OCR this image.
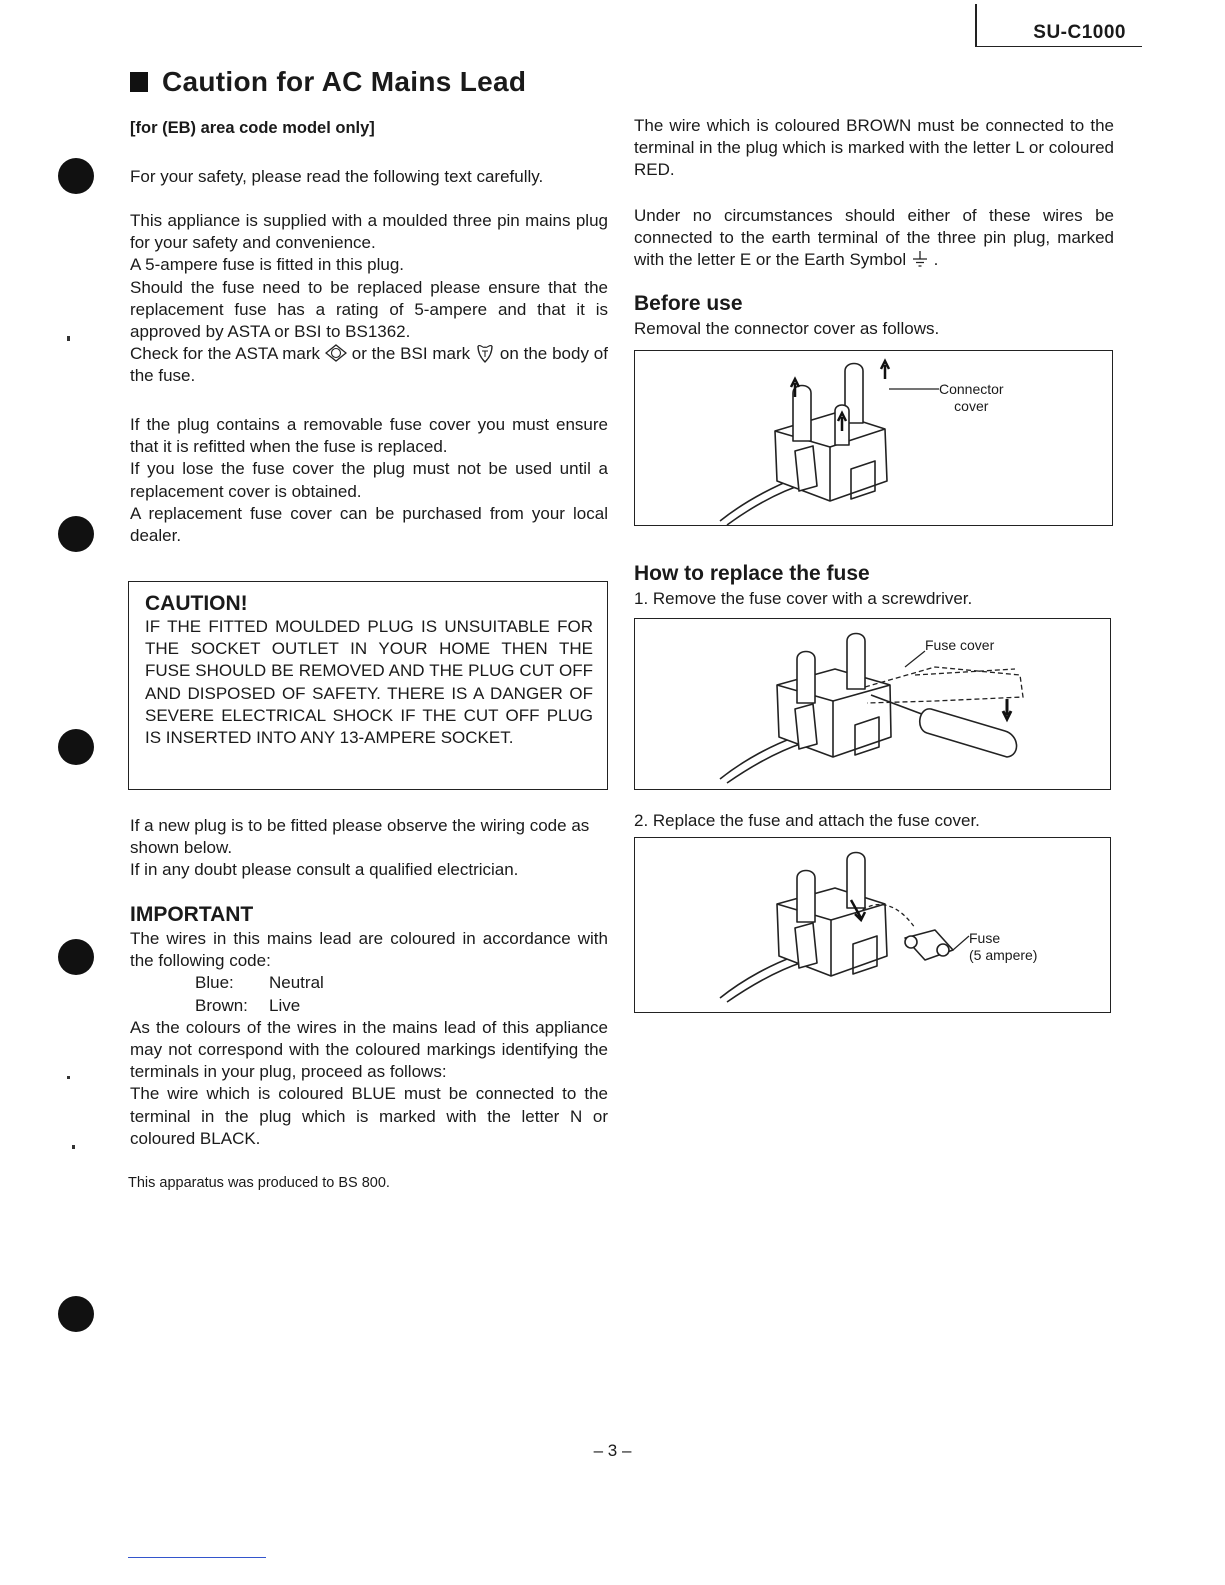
SU-C1000
Caution for AC Mains Lead
[for (EB) area code model only]
For your safety, please read the following text carefully.
This appliance is supplied with a moulded three pin mains plug for your safety and convenience.
A 5-ampere fuse is fitted in this plug.
Should the fuse need to be replaced please ensure that the replacement fuse has a rating of 5-ampere and that it is approved by ASTA or BSI to BS1362.
Check for the ASTA mark or the BSI mark on the body of the fuse.
If the plug contains a removable fuse cover you must ensure that it is refitted when the fuse is replaced.
If you lose the fuse cover the plug must not be used until a replacement cover is obtained.
A replacement fuse cover can be purchased from your local dealer.
CAUTION!
IF THE FITTED MOULDED PLUG IS UNSUITABLE FOR THE SOCKET OUTLET IN YOUR HOME THEN THE FUSE SHOULD BE REMOVED AND THE PLUG CUT OFF AND DISPOSED OF SAFETY. THERE IS A DANGER OF SEVERE ELECTRICAL SHOCK IF THE CUT OFF PLUG IS INSERTED INTO ANY 13-AMPERE SOCKET.
If a new plug is to be fitted please observe the wiring code as shown below.
If in any doubt please consult a qualified electrician.
IMPORTANT
The wires in this mains lead are coloured in accordance with the following code:
Blue:	Neutral
Brown:	Live
As the colours of the wires in the mains lead of this appliance may not correspond with the coloured markings identifying the terminals in your plug, proceed as follows:
The wire which is coloured BLUE must be connected to the terminal in the plug which is marked with the letter N or coloured BLACK.
This apparatus was produced to BS 800.
The wire which is coloured BROWN must be connected to the terminal in the plug which is marked with the letter L or coloured RED.
Under no circumstances should either of these wires be connected to the earth terminal of the three pin plug, marked with the letter E or the Earth Symbol .
Before use
Removal the connector cover as follows.
Connector
cover
How to replace the fuse
1. Remove the fuse cover with a screwdriver.
Fuse cover
2. Replace the fuse and attach the fuse cover.
Fuse
(5 ampere)
– 3 –
